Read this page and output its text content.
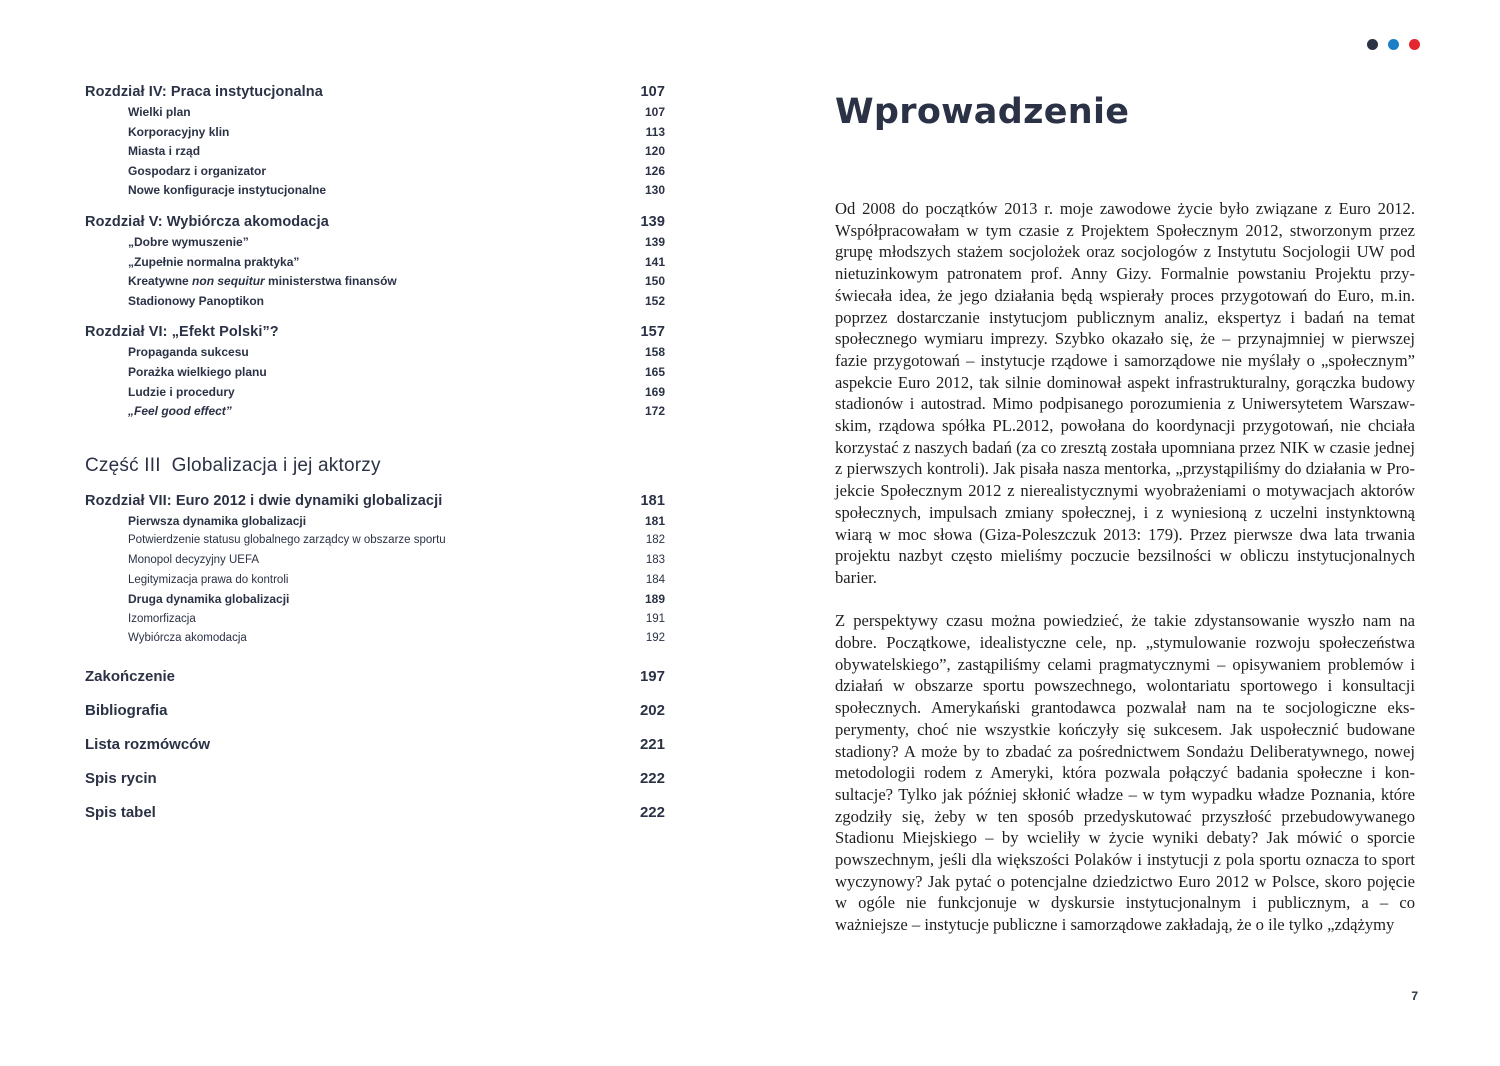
Rozdział IV: Praca instytucjonalna	107
Wielki plan	107
Korporacyjny klin	113
Miasta i rząd	120
Gospodarz i organizator	126
Nowe konfiguracje instytucjonalne	130
Rozdział V: Wybiórcza akomodacja	139
„Dobre wymuszenie”	139
„Zupełnie normalna praktyka”	141
Kreatywne non sequitur ministerstwa finansów	150
Stadionowy Panoptikon	152
Rozdział VI: „Efekt Polski”?	157
Propaganda sukcesu	158
Porażka wielkiego planu	165
Ludzie i procedury	169
„Feel good effect”	172
Część III  Globalizacja i jej aktorzy
Rozdział VII: Euro 2012 i dwie dynamiki globalizacji	181
Pierwsza dynamika globalizacji	181
Potwierdzenie statusu globalnego zarządcy w obszarze sportu	182
Monopol decyzyjny UEFA	183
Legitymizacja prawa do kontroli	184
Druga dynamika globalizacji	189
Izomorfizacja	191
Wybiórcza akomodacja	192
Zakończenie	197
Bibliografia	202
Lista rozmówców	221
Spis rycin	222
Spis tabel	222
Wprowadzenie

Od 2008 do początków 2013 r. moje zawodowe życie było związane z Euro 2012. Współpracowałam w tym czasie z Projektem Społecznym 2012, stworzonym przez grupę młodszych stażem socjolożek oraz socjologów z Instytutu Socjologii UW pod nietuzinkowym patronatem prof. Anny Gizy. Formalnie powstaniu Projektu przyświecała idea, że jego działania będą wspierały proces przygotowań do Euro, m.in. poprzez dostarczanie instytucjom publicznym analiz, ekspertyz i badań na temat społecznego wymiaru imprezy. Szybko okazało się, że – przynajmniej w pierwszej fazie przygotowań – instytucje rządowe i samorządowe nie myślały o „społecznym” aspekcie Euro 2012, tak silnie dominował aspekt infrastrukturalny, gorączka budowy stadionów i autostrad. Mimo podpisanego porozumienia z Uniwersytetem Warszawskim, rządowa spółka PL.2012, powołana do koordynacji przygotowań, nie chciała korzystać z naszych badań (za co zresztą została upomniana przez NIK w czasie jednej z pierwszych kontroli). Jak pisała nasza mentorka, „przystąpiliśmy do działania w Projekcie Społecznym 2012 z nierealistycznymi wyobrażeniami o motywacjach aktorów społecznych, impulsach zmiany społecznej, i z wyniesioną z uczelni instynktowną wiarą w moc słowa (Giza-Poleszczuk 2013: 179). Przez pierwsze dwa lata trwania projektu nazbyt często mieliśmy poczucie bezsilności w obliczu instytucjonalnych barier.

Z perspektywy czasu można powiedzieć, że takie zdystansowanie wyszło nam na dobre. Początkowe, idealistyczne cele, np. „stymulowanie rozwoju społeczeństwa obywatelskiego”, zastąpiliśmy celami pragmatycznymi – opisywaniem problemów i działań w obszarze sportu powszechnego, wolontariatu sportowego i konsultacji społecznych. Amerykański grantodawca pozwalał nam na te socjologiczne eksperymenty, choć nie wszystkie kończyły się sukcesem. Jak uspołecznić budowane stadiony? A może by to zbadać za pośrednictwem Sondażu Deliberatywnego, nowej metodologii rodem z Ameryki, która pozwala połączyć badania społeczne i konsultacje? Tylko jak później skłonić władze – w tym wypadku władze Poznania, które zgodziły się, żeby w ten sposób przedyskutować przyszłość przebudowywanego Stadionu Miejskiego – by wcieliły w życie wyniki debaty? Jak mówić o sporcie powszechnym, jeśli dla większości Polaków i instytucji z pola sportu oznacza to sport wyczynowy? Jak pytać o potencjalne dziedzictwo Euro 2012 w Polsce, skoro pojęcie w ogóle nie funkcjonuje w dyskursie instytucjonalnym i publicznym, a – co ważniejsze – instytucje publiczne i samorządowe zakładają, że o ile tylko „zdążymy

7
